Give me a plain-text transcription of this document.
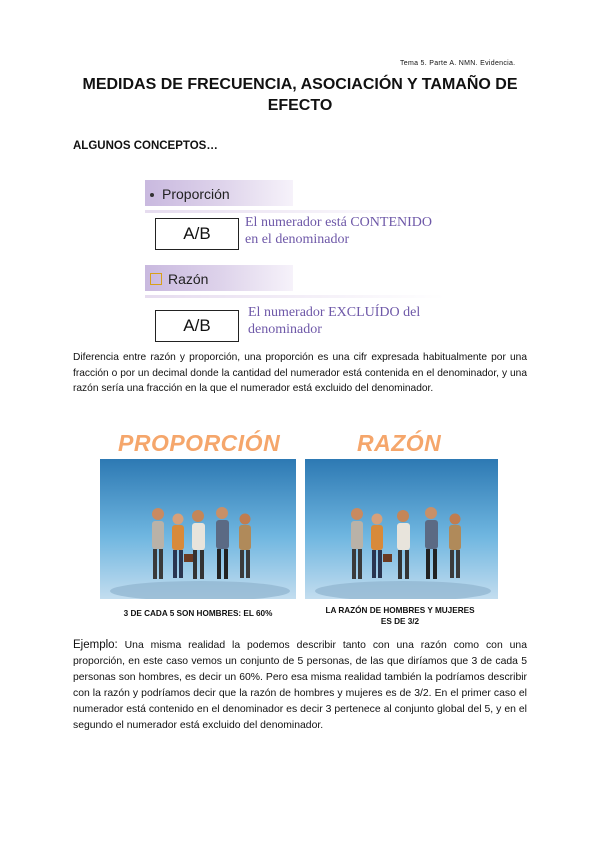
Tema 5. Parte A. NMN. Evidencia.
MEDIDAS DE FRECUENCIA, ASOCIACIÓN Y TAMAÑO DE
EFECTO
ALGUNOS CONCEPTOS…
Proporción
A/B
El numerador está CONTENIDO
en el denominador
Razón
A/B
El numerador EXCLUÍDO del
denominador
Diferencia entre razón y proporción, una proporción es una cifr expresada habitualmente por una fracción o por un decimal donde la cantidad del numerador está contenida en el denominador, y una razón sería una fracción en la que el numerador está excluido del denominador.
PROPORCIÓN	RAZÓN
3 DE CADA 5 SON HOMBRES: EL 60%	LA RAZÓN DE HOMBRES Y MUJERES
ES DE 3/2
Ejemplo: Una misma realidad la podemos describir tanto con una razón como con una proporción, en este caso vemos un conjunto de 5 personas, de las que diríamos que 3 de cada 5 personas son hombres, es decir un 60%. Pero esa misma realidad también la podríamos describir con la razón y podríamos decir que la razón de hombres y mujeres es de 3/2. En el primer caso el numerador está contenido en el denominador es decir 3 pertenece al conjunto global del 5, y en el segundo el numerador está excluido del denominador.
